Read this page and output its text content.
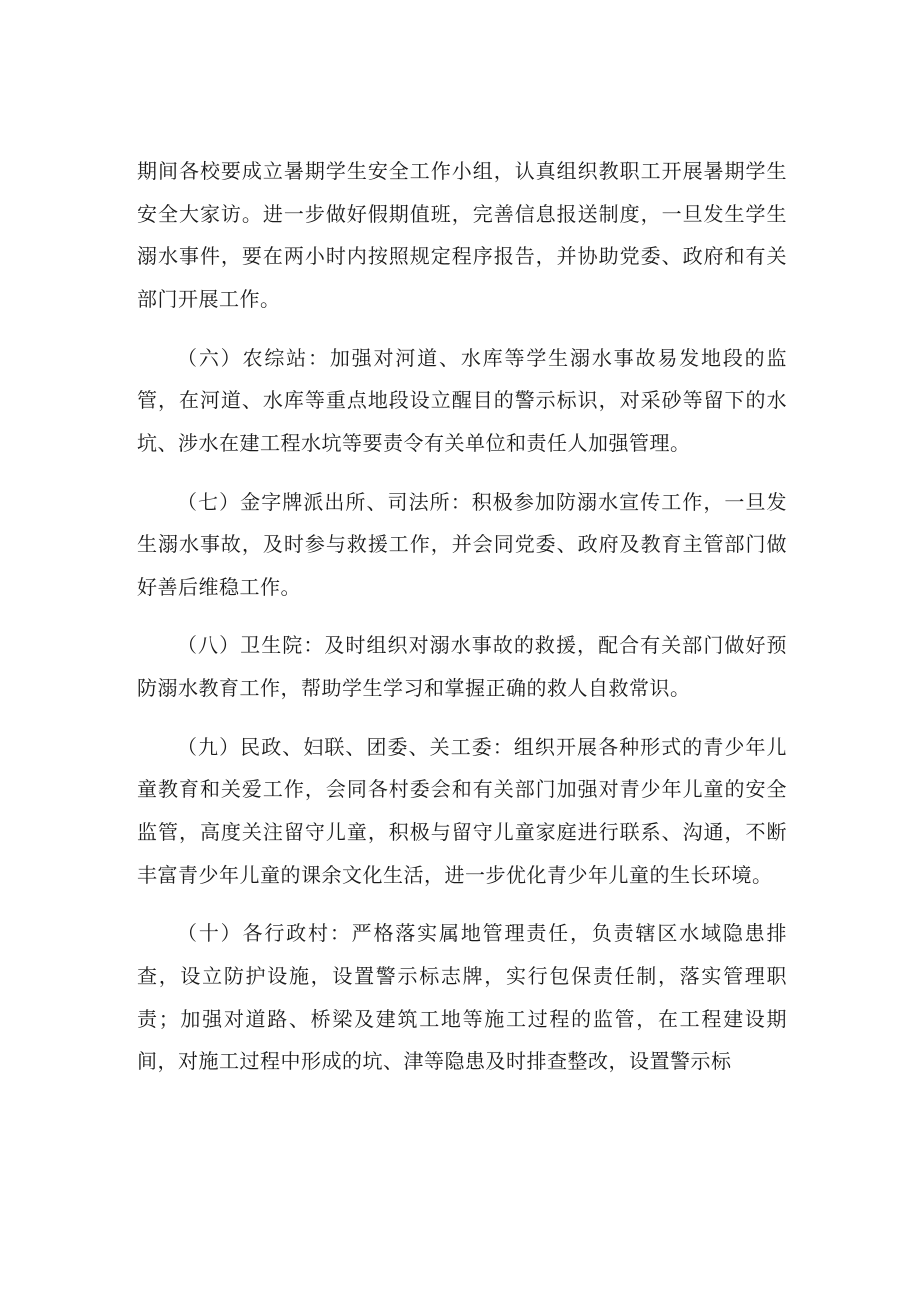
期间各校要成立暑期学生安全工作小组，认真组织教职工开展暑期学生安全大家访。进一步做好假期值班，完善信息报送制度，一旦发生学生溺水事件，要在两小时内按照规定程序报告，并协助党委、政府和有关部门开展工作。

（六）农综站：加强对河道、水库等学生溺水事故易发地段的监管，在河道、水库等重点地段设立醒目的警示标识，对采砂等留下的水坑、涉水在建工程水坑等要责令有关单位和责任人加强管理。

（七）金字牌派出所、司法所：积极参加防溺水宣传工作，一旦发生溺水事故，及时参与救援工作，并会同党委、政府及教育主管部门做好善后维稳工作。

（八）卫生院：及时组织对溺水事故的救援，配合有关部门做好预防溺水教育工作，帮助学生学习和掌握正确的救人自救常识。

（九）民政、妇联、团委、关工委：组织开展各种形式的青少年儿童教育和关爱工作，会同各村委会和有关部门加强对青少年儿童的安全监管，高度关注留守儿童，积极与留守儿童家庭进行联系、沟通，不断丰富青少年儿童的课余文化生活，进一步优化青少年儿童的生长环境。

（十）各行政村：严格落实属地管理责任，负责辖区水域隐患排查，设立防护设施，设置警示标志牌，实行包保责任制，落实管理职责；加强对道路、桥梁及建筑工地等施工过程的监管，在工程建设期间，对施工过程中形成的坑、津等隐患及时排查整改，设置警示标
